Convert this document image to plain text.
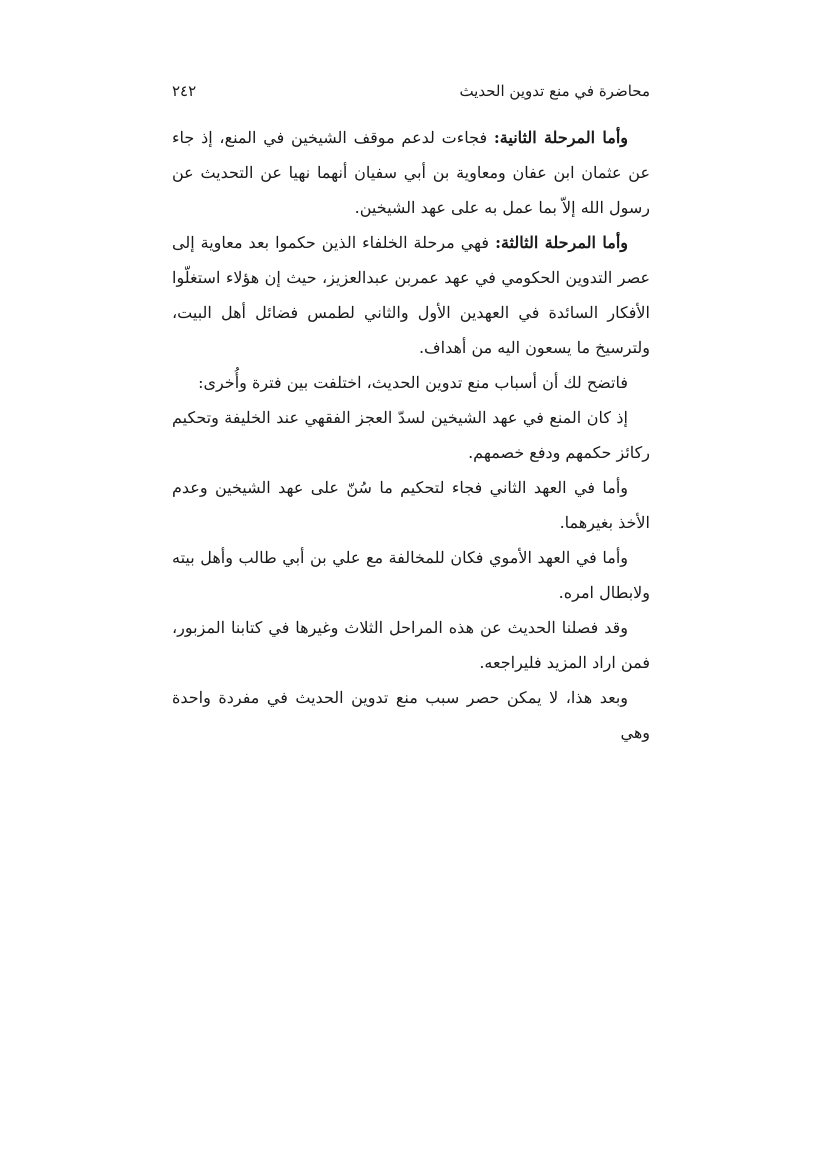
محاضرة في منع تدوين الحديث
٢٤٢

وأما المرحلة الثانية: فجاءت لدعم موقف الشيخين في المنع، إذ جاء عن عثمان ابن عفان ومعاوية بن أبي سفيان أنهما نهيا عن التحديث عن رسول الله إلاّ بما عمل به على عهد الشيخين.

وأما المرحلة الثالثة: فهي مرحلة الخلفاء الذين حكموا بعد معاوية إلى عصر التدوين الحكومي في عهد عمربن عبدالعزيز، حيث إن هؤلاء استغلّوا الأفكار السائدة في العهدين الأول والثاني لطمس فضائل أهل البيت، ولترسيخ ما يسعون اليه من أهداف.

فاتضح لك أن أسباب منع تدوين الحديث، اختلفت بين فترة وأُخرى:

إذ كان المنع في عهد الشيخين لسدّ العجز الفقهي عند الخليفة وتحكيم ركائز حكمهم ودفع خصمهم.

وأما في العهد الثاني فجاء لتحكيم ما سُنّ على عهد الشيخين وعدم الأخذ بغيرهما.

وأما في العهد الأموي فكان للمخالفة مع علي بن أبي طالب وأهل بيته ولابطال امره.

وقد فصلنا الحديث عن هذه المراحل الثلاث وغيرها في كتابنا المزبور، فمن اراد المزيد فليراجعه.

وبعد هذا، لا يمكن حصر سبب منع تدوين الحديث في مفردة واحدة وهي
